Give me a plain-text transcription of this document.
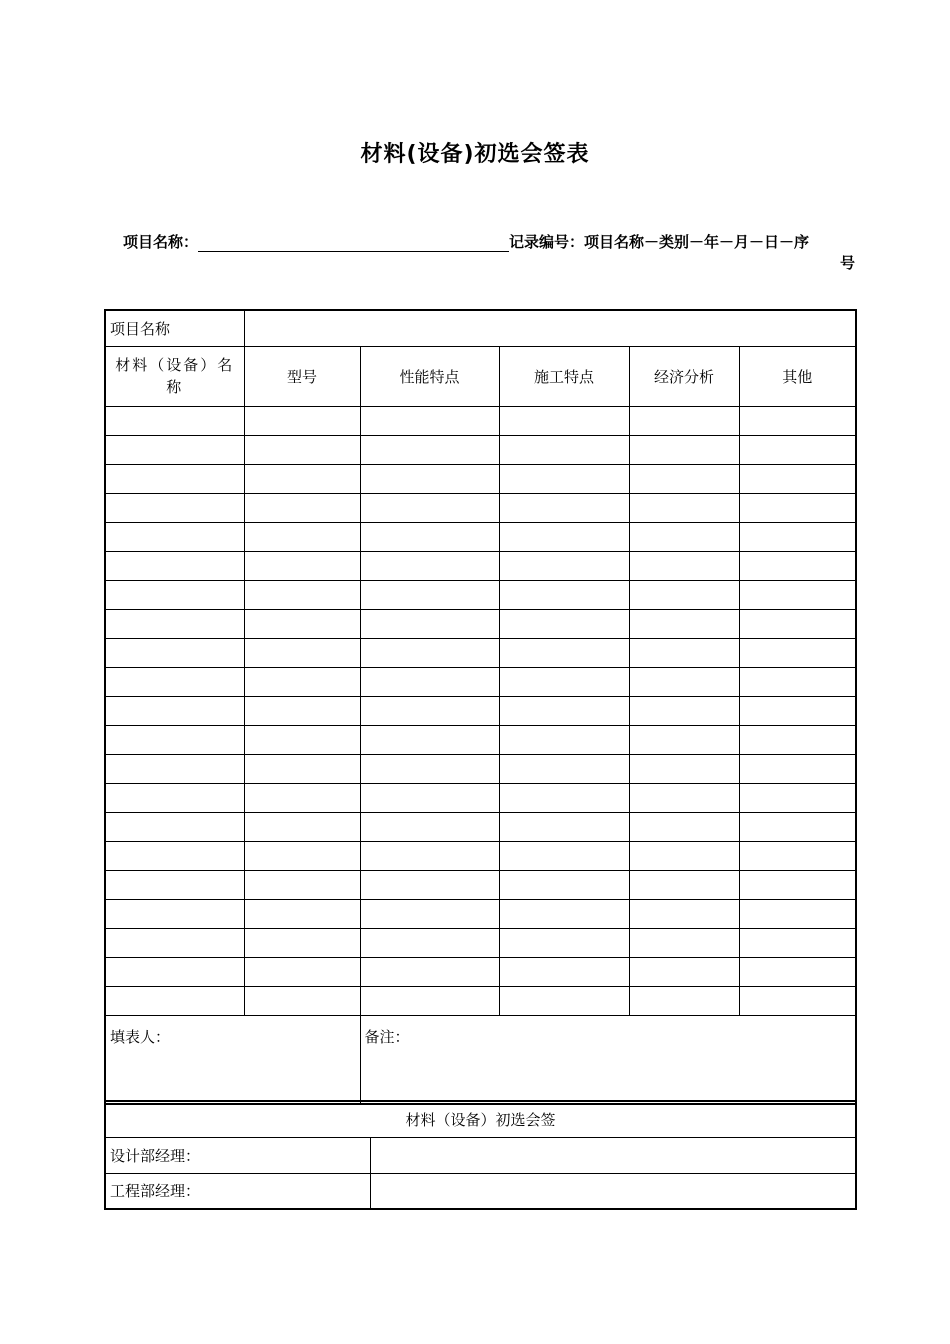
材料(设备)初选会签表
项目名称：	记录编号：项目名称－类别－年－月－日－序
号
项目名称					
材料（设备）名称	型号	性能特点	施工特点	经济分析	其他

填表人：		备注：			
材料（设备）初选会签	
设计部经理：	
工程部经理：	
